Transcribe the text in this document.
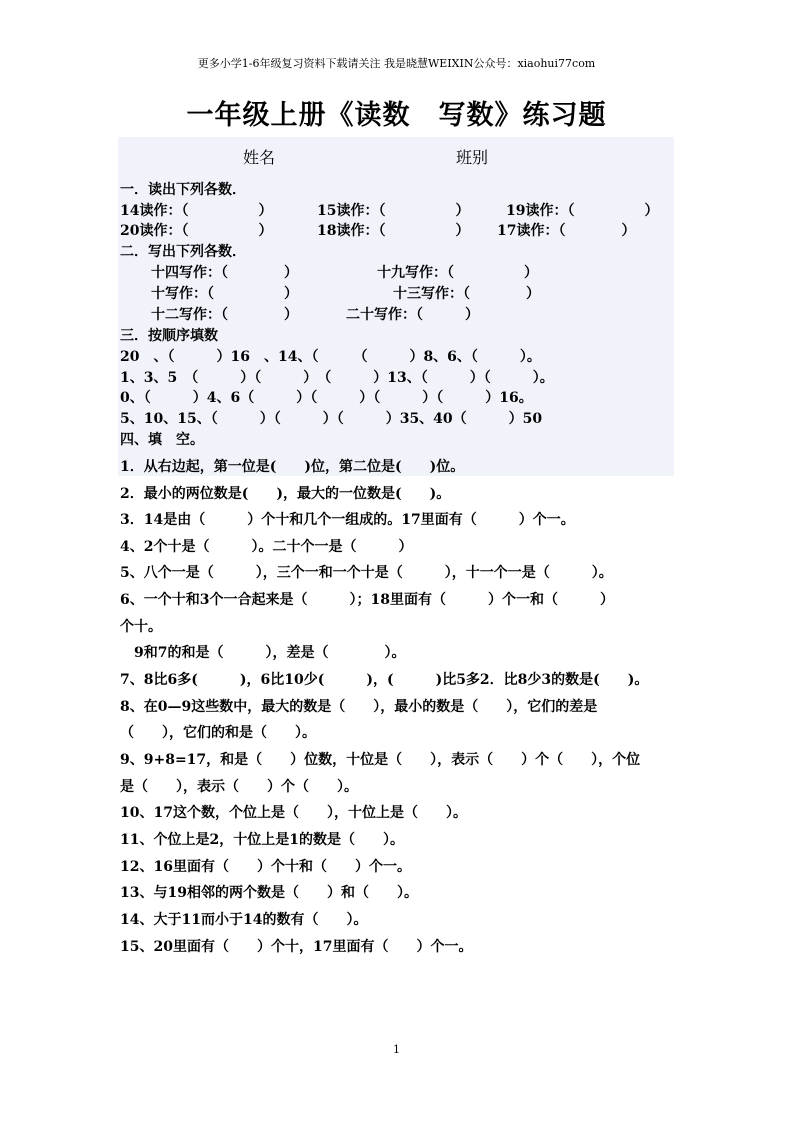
更多小学1-6年级复习资料下载请关注 我是晓慧WEIXIN公众号：xiaohui77com
一年级上册《读数　写数》练习题
姓名	班别
一．读出下列各数．
14读作：（　　　　　）	15读作：（　　　　　）	19读作：（　　　　　）
20读作：（　　　　　）	18读作：（　　　　　） 17读作：（　　　　）
二．写出下列各数．
十四写作：（　　　　）	十九写作：（　　　　　）
十写作：（　　　　　）	十三写作：（　　　　）
十二写作：（　　　　）	二十写作：（　　　）
三．按顺序填数
20　、（　　　）16　、14、（　　　（　　　）8、6、（　　　）。
1、3、5　（　　　）（　　　）　（　　　）13、（　　　）（　　　）。
0、（　　　）4、6（　　　）（　　　）（　　　）（　　　）16。
5、10、15、（　　　）（　　　）（　　　）35、40（　　　）50
四、填　空。
1．从右边起，第一位是(　　)位，第二位是(　　)位。
2．最小的两位数是(　　)，最大的一位数是(　　)。
3．14是由（　　　）个十和几个一组成的。17里面有（　　　）个一。
4、2个十是（　　　）。二十个一是（　　　）
5、八个一是（　　　），三个一和一个十是（　　　），十一个一是（　　　）。
6、一个十和3个一合起来是（　　　）；18里面有（　　　）个一和（　　　）
个十。
　9和7的和是（　　　），差是（　　　　）。
7、8比6多(　　　)，6比10少(　　　)，(　　　)比5多2．比8少3的数是(　　)。
8、在0—9这些数中，最大的数是（　　），最小的数是（　　），它们的差是
（　　），它们的和是（　　）。
9、9+8=17，和是（　　）位数，十位是（　　），表示（　　）个（　　），个位
是（　　），表示（　　）个（　　）。
10、17这个数，个位上是（　　），十位上是（　　）。
11、个位上是2，十位上是1的数是（　　）。
12、16里面有（　　）个十和（　　）个一。
13、与19相邻的两个数是（　　）和（　　）。
14、大于11而小于14的数有（　　）。
15、20里面有（　　）个十，17里面有（　　）个一。
1
